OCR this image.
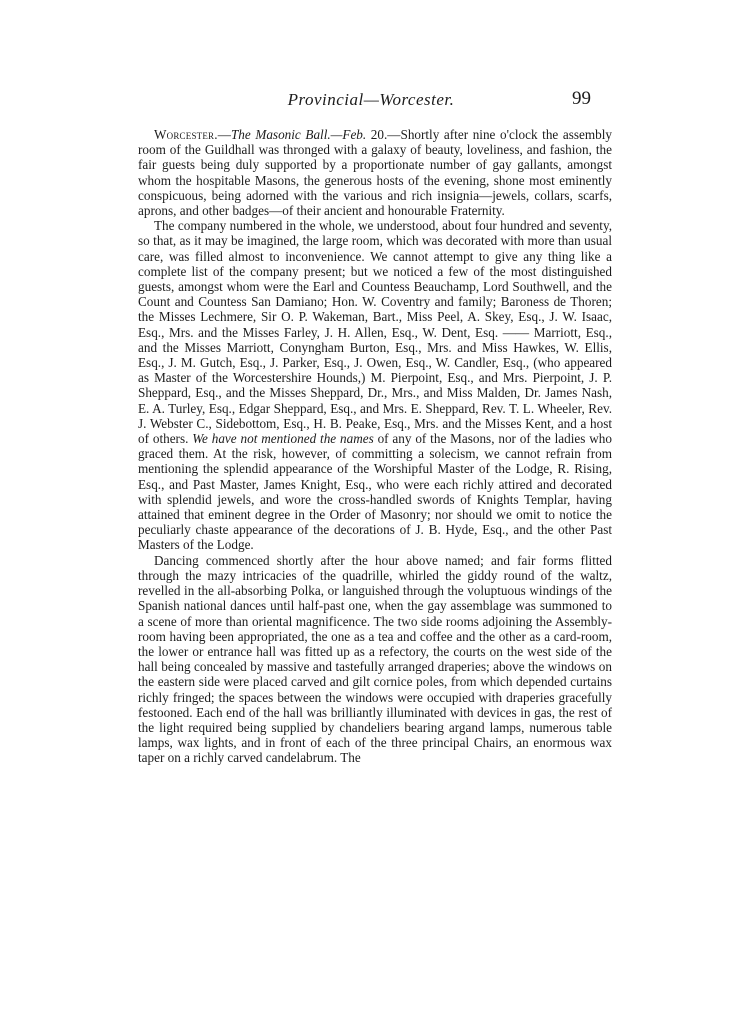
Provincial—Worcester.	99

Worcester.—The Masonic Ball.—Feb. 20.—Shortly after nine o'clock the assembly room of the Guildhall was thronged with a galaxy of beauty, loveliness, and fashion, the fair guests being duly supported by a proportionate number of gay gallants, amongst whom the hospitable Masons, the generous hosts of the evening, shone most eminently conspicuous, being adorned with the various and rich insignia—jewels, collars, scarfs, aprons, and other badges—of their ancient and honourable Fraternity.

The company numbered in the whole, we understood, about four hundred and seventy, so that, as it may be imagined, the large room, which was decorated with more than usual care, was filled almost to inconvenience. We cannot attempt to give any thing like a complete list of the company present; but we noticed a few of the most distinguished guests, amongst whom were the Earl and Countess Beauchamp, Lord Southwell, and the Count and Countess San Damiano; Hon. W. Coventry and family; Baroness de Thoren; the Misses Lechmere, Sir O. P. Wakeman, Bart., Miss Peel, A. Skey, Esq., J. W. Isaac, Esq., Mrs. and the Misses Farley, J. H. Allen, Esq., W. Dent, Esq. —— Marriott, Esq., and the Misses Marriott, Conyngham Burton, Esq., Mrs. and Miss Hawkes, W. Ellis, Esq., J. M. Gutch, Esq., J. Parker, Esq., J. Owen, Esq., W. Candler, Esq., (who appeared as Master of the Worcestershire Hounds,) M. Pierpoint, Esq., and Mrs. Pierpoint, J. P. Sheppard, Esq., and the Misses Sheppard, Dr., Mrs., and Miss Malden, Dr. James Nash, E. A. Turley, Esq., Edgar Sheppard, Esq., and Mrs. E. Sheppard, Rev. T. L. Wheeler, Rev. J. Webster C., Sidebottom, Esq., H. B. Peake, Esq., Mrs. and the Misses Kent, and a host of others. We have not mentioned the names of any of the Masons, nor of the ladies who graced them. At the risk, however, of committing a solecism, we cannot refrain from mentioning the splendid appearance of the Worshipful Master of the Lodge, R. Rising, Esq., and Past Master, James Knight, Esq., who were each richly attired and decorated with splendid jewels, and wore the cross-handled swords of Knights Templar, having attained that eminent degree in the Order of Masonry; nor should we omit to notice the peculiarly chaste appearance of the decorations of J. B. Hyde, Esq., and the other Past Masters of the Lodge.

Dancing commenced shortly after the hour above named; and fair forms flitted through the mazy intricacies of the quadrille, whirled the giddy round of the waltz, revelled in the all-absorbing Polka, or languished through the voluptuous windings of the Spanish national dances until half-past one, when the gay assemblage was summoned to a scene of more than oriental magnificence. The two side rooms adjoining the Assembly-room having been appropriated, the one as a tea and coffee and the other as a card-room, the lower or entrance hall was fitted up as a refectory, the courts on the west side of the hall being concealed by massive and tastefully arranged draperies; above the windows on the eastern side were placed carved and gilt cornice poles, from which depended curtains richly fringed; the spaces between the windows were occupied with draperies gracefully festooned. Each end of the hall was brilliantly illuminated with devices in gas, the rest of the light required being supplied by chandeliers bearing argand lamps, numerous table lamps, wax lights, and in front of each of the three principal Chairs, an enormous wax taper on a richly carved candelabrum. The
